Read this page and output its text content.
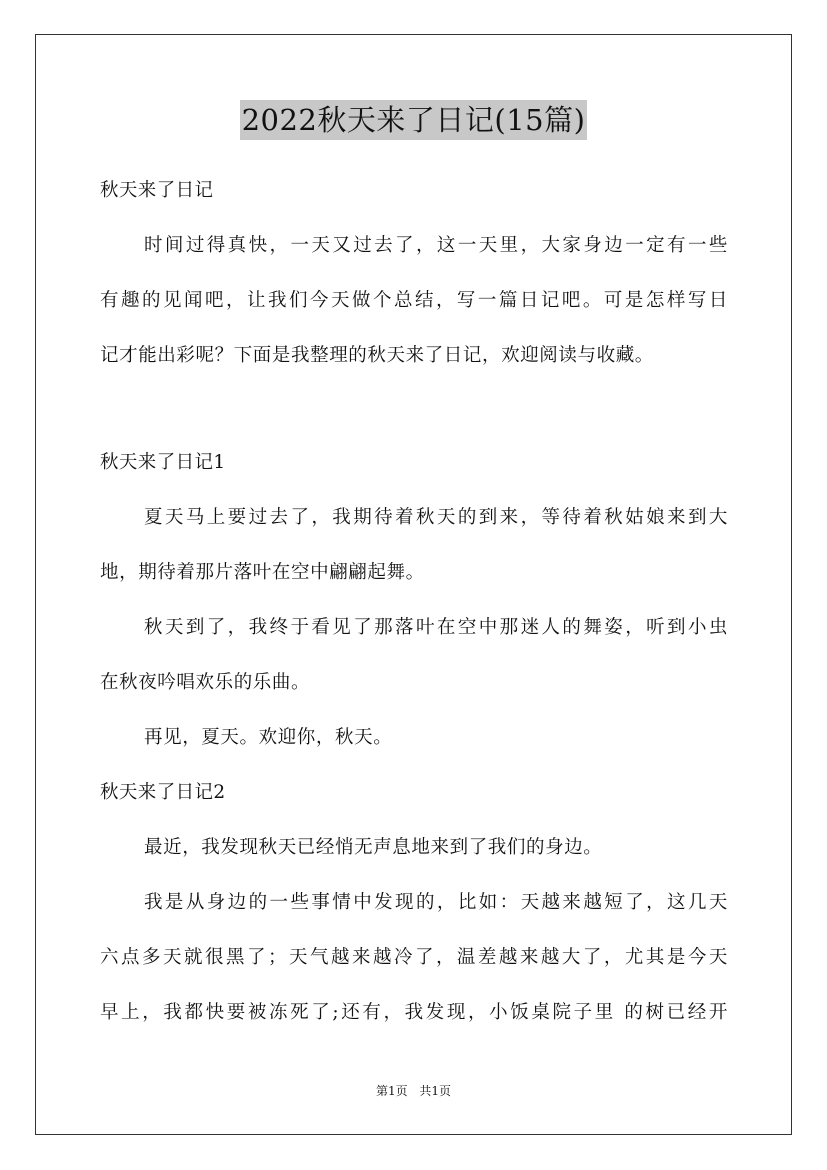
2022秋天来了日记(15篇)
秋天来了日记
时间过得真快，一天又过去了，这一天里，大家身边一定有一些
有趣的见闻吧，让我们今天做个总结，写一篇日记吧。可是怎样写日
记才能出彩呢？下面是我整理的秋天来了日记，欢迎阅读与收藏。
秋天来了日记1
夏天马上要过去了，我期待着秋天的到来，等待着秋姑娘来到大
地，期待着那片落叶在空中翩翩起舞。
秋天到了，我终于看见了那落叶在空中那迷人的舞姿，听到小虫
在秋夜吟唱欢乐的乐曲。
再见，夏天。欢迎你，秋天。
秋天来了日记2
最近，我发现秋天已经悄无声息地来到了我们的身边。
我是从身边的一些事情中发现的，比如：天越来越短了，这几天
六点多天就很黑了；天气越来越冷了，温差越来越大了，尤其是今天
早上，我都快要被冻死了;还有，我发现，小饭桌院子里 的树已经开
第1页 共1页
